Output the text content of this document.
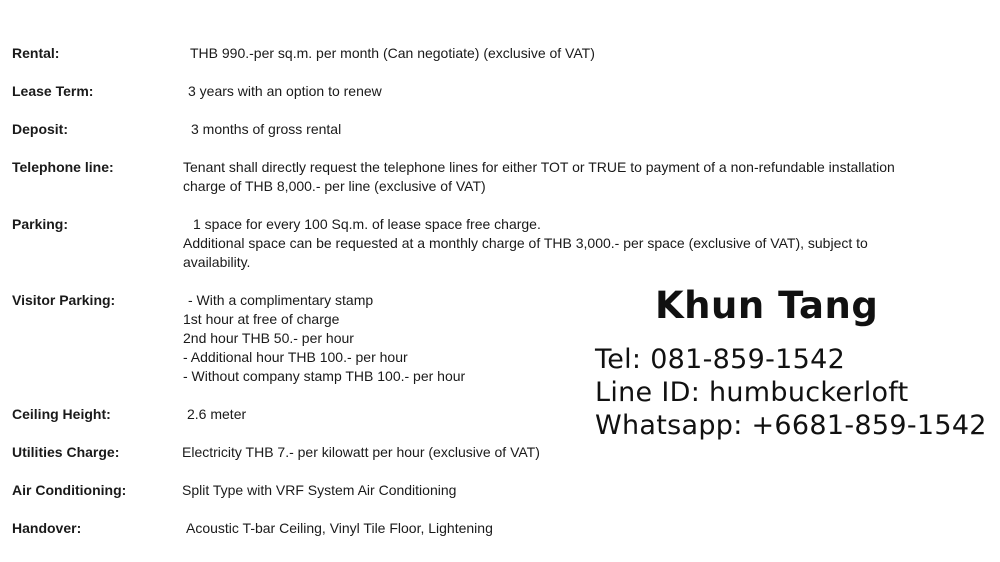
Rental:	THB 990.-per sq.m. per month (Can negotiate) (exclusive of VAT)
Lease Term:	3 years with an option to renew
Deposit:	3 months of gross rental
Telephone line:	Tenant shall directly request the telephone lines for either TOT or TRUE to payment of a non-refundable installation
charge of THB 8,000.- per line (exclusive of VAT)
Parking:	1 space for every 100 Sq.m. of lease space free charge.
Additional space can be requested at a monthly charge of THB 3,000.- per space (exclusive of VAT), subject to
availability.
Visitor Parking:	- With a complimentary stamp
1st hour at free of charge
2nd hour THB 50.- per hour
- Additional hour THB 100.- per hour
- Without company stamp THB 100.- per hour
Ceiling Height:	2.6 meter
Utilities Charge:	Electricity THB 7.- per kilowatt per hour (exclusive of VAT)
Air Conditioning:	Split Type with VRF System Air Conditioning
Handover:	Acoustic T-bar Ceiling, Vinyl Tile Floor, Lightening
Khun Tang
Tel: 081-859-1542
Line ID: humbuckerloft
Whatsapp: +6681-859-1542
